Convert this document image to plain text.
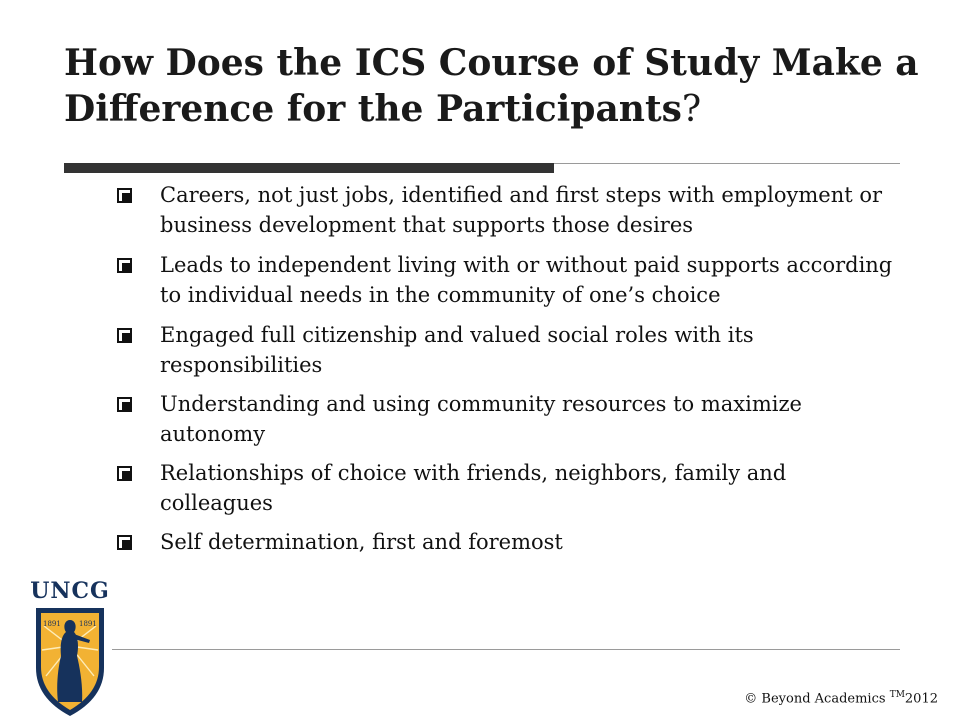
How Does the ICS Course of Study Make a Difference for the Participants?
Careers, not just jobs, identified and first steps with employment or business development that supports those desires
Leads to independent living with or without paid supports according to individual needs in the community of one’s choice
Engaged full citizenship and valued social roles with its responsibilities
Understanding and using community resources to maximize autonomy
Relationships of choice with friends, neighbors, family and colleagues
Self determination, first and foremost
UNCG
1891	1891
© Beyond Academics ™2012
